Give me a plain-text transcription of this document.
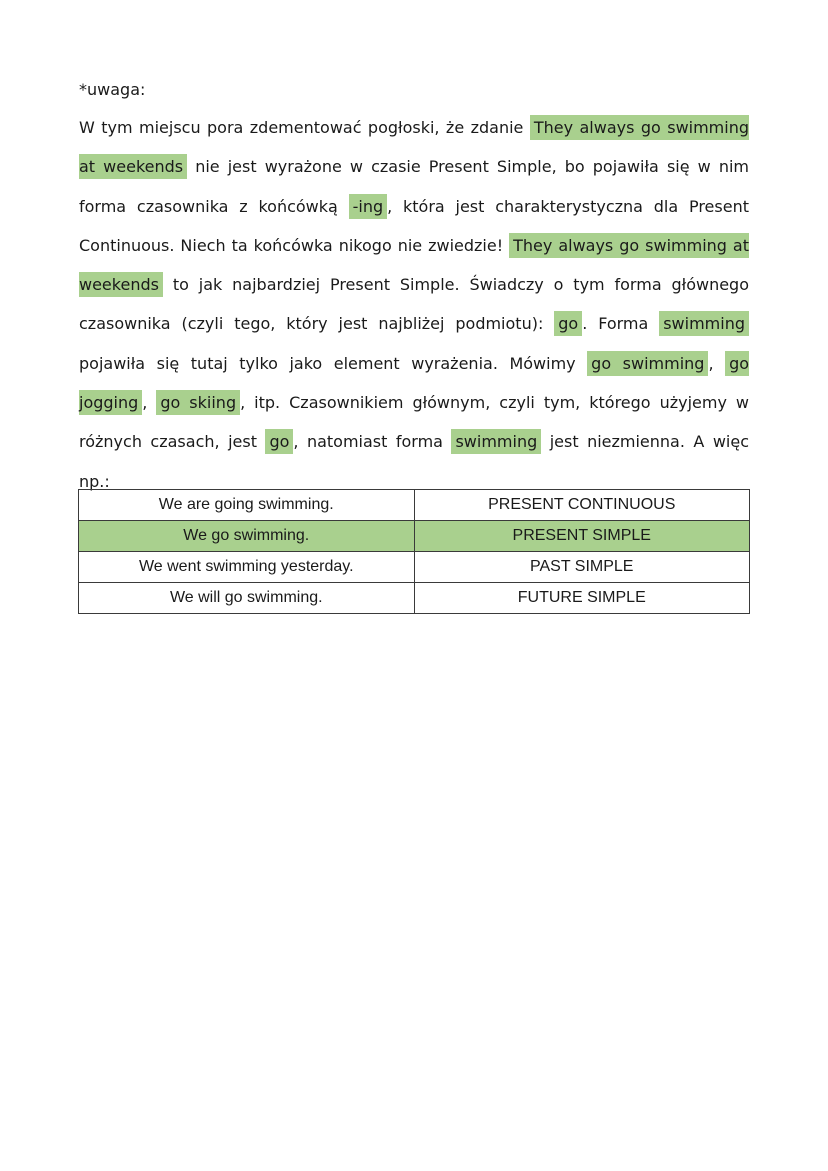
*uwaga:

W tym miejscu pora zdementować pogłoski, że zdanie They always go swimming at weekends nie jest wyrażone w czasie Present Simple, bo pojawiła się w nim forma czasownika z końcówką -ing , która jest charakterystyczna dla Present Continuous. Niech ta końcówka nikogo nie zwiedzie! They always go swimming at weekends to jak najbardziej Present Simple. Świadczy o tym forma głównego czasownika (czyli tego, który jest najbliżej podmiotu): go . Forma swimming pojawiła się tutaj tylko jako element wyrażenia. Mówimy go swimming , go jogging , go skiing , itp. Czasownikiem głównym, czyli tym, którego użyjemy w różnych czasach, jest go , natomiast forma swimming jest niezmienna. A więc np.:

We are going swimming.	PRESENT CONTINUOUS
We go swimming.	PRESENT SIMPLE
We went swimming yesterday.	PAST SIMPLE
We will go swimming.	FUTURE SIMPLE
